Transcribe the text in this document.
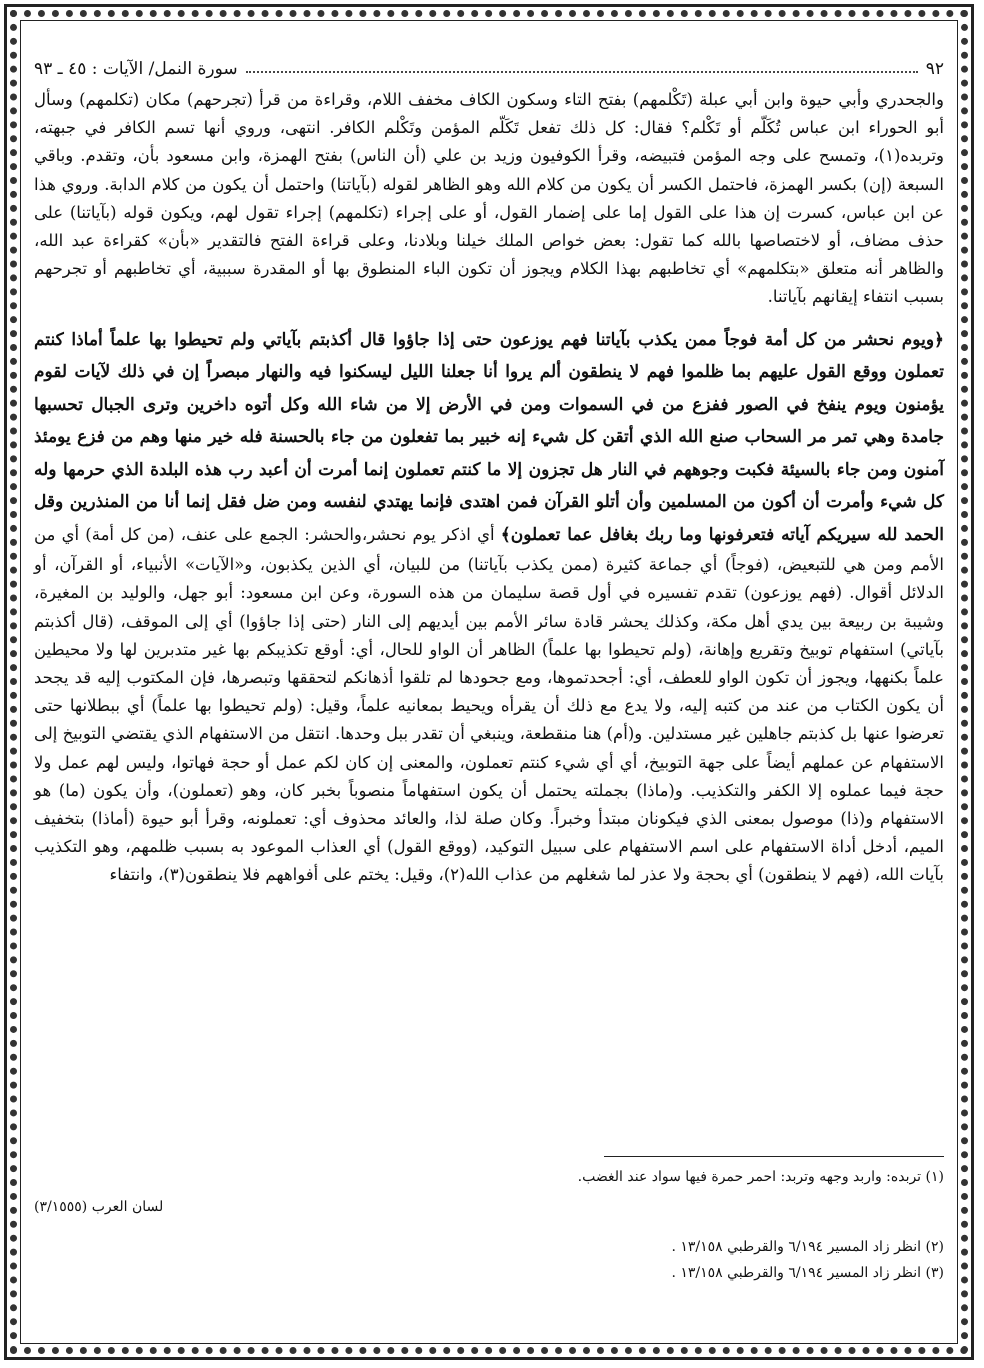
٩٢
سورة النمل/ الآيات : ٤٥ ـ ٩٣

والجحدري وأبي حيوة وابن أبي عبلة (تَكْلمهم) بفتح التاء وسكون الكاف مخفف اللام، وقراءة من قرأ (تجرحهم) مكان (تكلمهم) وسأل أبو الحوراء ابن عباس تُكَلّم أو تَكْلم؟ فقال: كل ذلك تفعل تَكَلّم المؤمن وتَكْلم الكافر. انتهى، وروي أنها تسم الكافر في جبهته، وتربده(١)، وتمسح على وجه المؤمن فتبيضه، وقرأ الكوفيون وزيد بن علي (أن الناس) بفتح الهمزة، وابن مسعود بأن، وتقدم. وباقي السبعة (إن) بكسر الهمزة، فاحتمل الكسر أن يكون من كلام الله وهو الظاهر لقوله (بآياتنا) واحتمل أن يكون من كلام الدابة. وروي هذا عن ابن عباس، كسرت إن هذا على القول إما على إضمار القول، أو على إجراء (تكلمهم) إجراء تقول لهم، ويكون قوله (بآياتنا) على حذف مضاف، أو لاختصاصها بالله كما تقول: بعض خواص الملك خيلنا وبلادنا، وعلى قراءة الفتح فالتقدير «بأن» كقراءة عبد الله، والظاهر أنه متعلق «بتكلمهم» أي تخاطبهم بهذا الكلام ويجوز أن تكون الباء المنطوق بها أو المقدرة سببية، أي تخاطبهم أو تجرحهم بسبب انتفاء إيقانهم بآياتنا.

﴿ويوم نحشر من كل أمة فوجاً ممن يكذب بآياتنا فهم يوزعون حتى إذا جاؤوا قال أكذبتم بآياتي ولم تحيطوا بها علماً أماذا كنتم تعملون ووقع القول عليهم بما ظلموا فهم لا ينطقون ألم يروا أنا جعلنا الليل ليسكنوا فيه والنهار مبصراً إن في ذلك لآيات لقوم يؤمنون ويوم ينفخ في الصور ففزع من في السموات ومن في الأرض إلا من شاء الله وكل أتوه داخرين وترى الجبال تحسبها جامدة وهي تمر مر السحاب صنع الله الذي أتقن كل شيء إنه خبير بما تفعلون من جاء بالحسنة فله خير منها وهم من فزع يومئذ آمنون ومن جاء بالسيئة فكبت وجوههم في النار هل تجزون إلا ما كنتم تعملون إنما أمرت أن أعبد رب هذه البلدة الذي حرمها وله كل شيء وأمرت أن أكون من المسلمين وأن أتلو القرآن فمن اهتدى فإنما يهتدي لنفسه ومن ضل فقل إنما أنا من المنذرين وقل الحمد لله سيريكم آياته فتعرفونها وما ربك بغافل عما تعملون﴾ أي اذكر يوم نحشر،والحشر: الجمع على عنف، (من كل أمة) أي من الأمم ومن هي للتبعيض، (فوجاً) أي جماعة كثيرة (ممن يكذب بآياتنا) من للبيان، أي الذين يكذبون، و«الآيات» الأنبياء، أو القرآن، أو الدلائل أقوال. (فهم يوزعون) تقدم تفسيره في أول قصة سليمان من هذه السورة، وعن ابن مسعود: أبو جهل، والوليد بن المغيرة، وشيبة بن ربيعة بين يدي أهل مكة، وكذلك يحشر قادة سائر الأمم بين أيديهم إلى النار (حتى إذا جاؤوا) أي إلى الموقف، (قال أكذبتم بآياتي) استفهام توبيخ وتقريع وإهانة، (ولم تحيطوا بها علماً) الظاهر أن الواو للحال، أي: أوقع تكذيبكم بها غير متدبرين لها ولا محيطين علماً بكنهها، ويجوز أن تكون الواو للعطف، أي: أجحدتموها، ومع جحودها لم تلقوا أذهانكم لتحققها وتبصرها، فإن المكتوب إليه قد يجحد أن يكون الكتاب من عند من كتبه إليه، ولا يدع مع ذلك أن يقرأه ويحيط بمعانيه علماً، وقيل: (ولم تحيطوا بها علماً) أي ببطلانها حتى تعرضوا عنها بل كذبتم جاهلين غير مستدلين. و(أم) هنا منقطعة، وينبغي أن تقدر ببل وحدها. انتقل من الاستفهام الذي يقتضي التوبيخ إلى الاستفهام عن عملهم أيضاً على جهة التوبيخ، أي أي شيء كنتم تعملون، والمعنى إن كان لكم عمل أو حجة فهاتوا، وليس لهم عمل ولا حجة فيما عملوه إلا الكفر والتكذيب. و(ماذا) بجملته يحتمل أن يكون استفهاماً منصوباً بخبر كان، وهو (تعملون)، وأن يكون (ما) هو الاستفهام و(ذا) موصول بمعنى الذي فيكونان مبتدأ وخبراً. وكان صلة لذا، والعائد محذوف أي: تعملونه، وقرأ أبو حيوة (أماذا) بتخفيف الميم، أدخل أداة الاستفهام على اسم الاستفهام على سبيل التوكيد، (ووقع القول) أي العذاب الموعود به بسبب ظلمهم، وهو التكذيب بآيات الله، (فهم لا ينطقون) أي بحجة ولا عذر لما شغلهم من عذاب الله(٢)، وقيل: يختم على أفواههم فلا ينطقون(٣)، وانتفاء

(١) تربده: واربد وجهه وتربد: احمر حمرة فيها سواد عند الغضب.

لسان العرب (٣/١٥٥٥)

(٢) انظر زاد المسير ٦/١٩٤ والقرطبي ١٣/١٥٨ .

(٣) انظر زاد المسير ٦/١٩٤ والقرطبي ١٣/١٥٨ .
